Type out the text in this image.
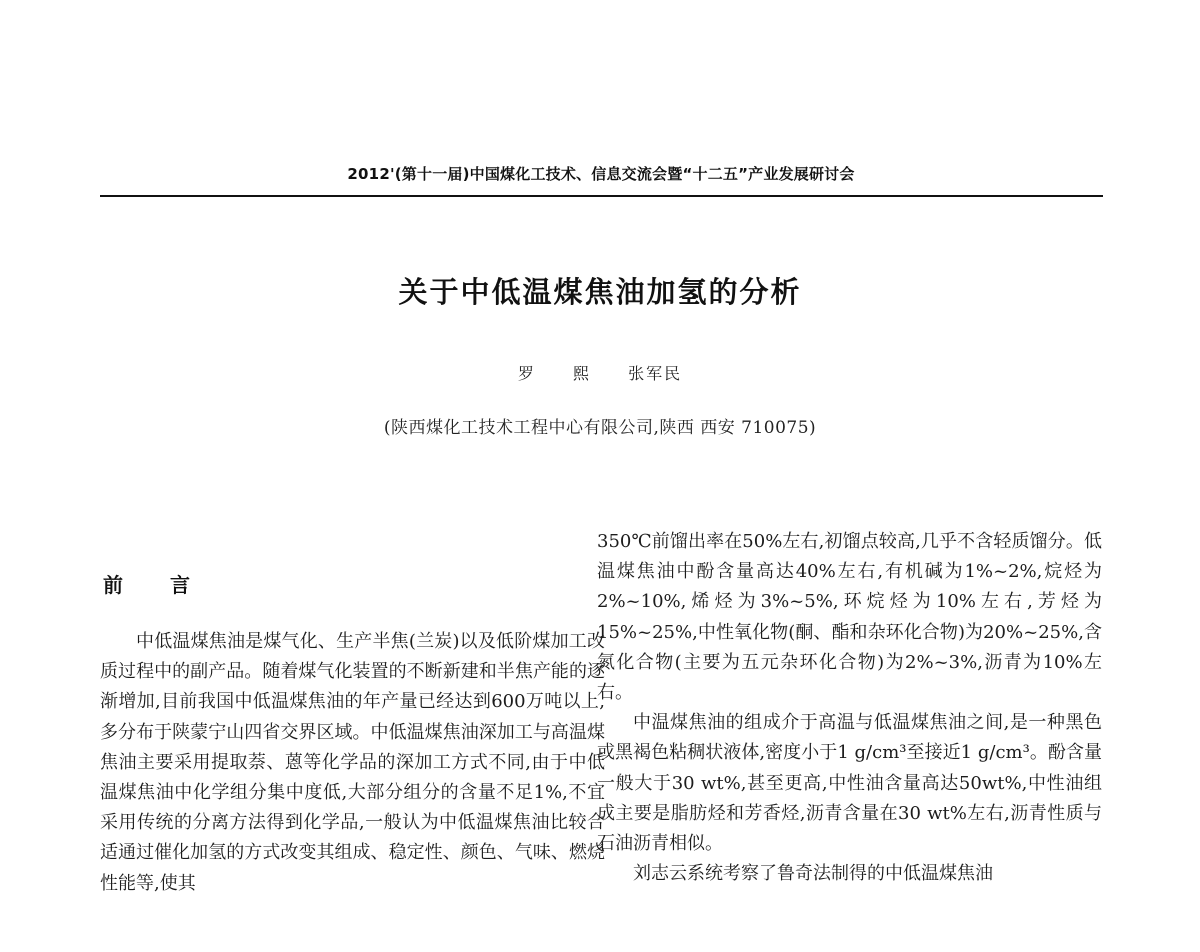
2012'(第十一届)中国煤化工技术、信息交流会暨“十二五”产业发展研讨会
关于中低温煤焦油加氢的分析
罗 熙 张军民
(陕西煤化工技术工程中心有限公司,陕西 西安 710075)
前 言

中低温煤焦油是煤气化、生产半焦(兰炭)以及低阶煤加工改质过程中的副产品。随着煤气化装置的不断新建和半焦产能的逐渐增加,目前我国中低温煤焦油的年产量已经达到600万吨以上,多分布于陕蒙宁山四省交界区域。中低温煤焦油深加工与高温煤焦油主要采用提取萘、蒽等化学品的深加工方式不同,由于中低温煤焦油中化学组分集中度低,大部分组分的含量不足1%,不宜采用传统的分离方法得到化学品,一般认为中低温煤焦油比较合适通过催化加氢的方式改变其组成、稳定性、颜色、气味、燃烧性能等,使其

350℃前馏出率在50%左右,初馏点较高,几乎不含轻质馏分。低温煤焦油中酚含量高达40%左右,有机碱为1%~2%,烷烃为2%~10%,烯烃为3%~5%,环烷烃为10%左右,芳烃为15%~25%,中性氧化物(酮、酯和杂环化合物)为20%~25%,含氮化合物(主要为五元杂环化合物)为2%~3%,沥青为10%左右。

中温煤焦油的组成介于高温与低温煤焦油之间,是一种黑色或黑褐色粘稠状液体,密度小于1 g/cm³至接近1 g/cm³。酚含量一般大于30 wt%,甚至更高,中性油含量高达50wt%,中性油组成主要是脂肪烃和芳香烃,沥青含量在30 wt%左右,沥青性质与石油沥青相似。

刘志云系统考察了鲁奇法制得的中低温煤焦油
